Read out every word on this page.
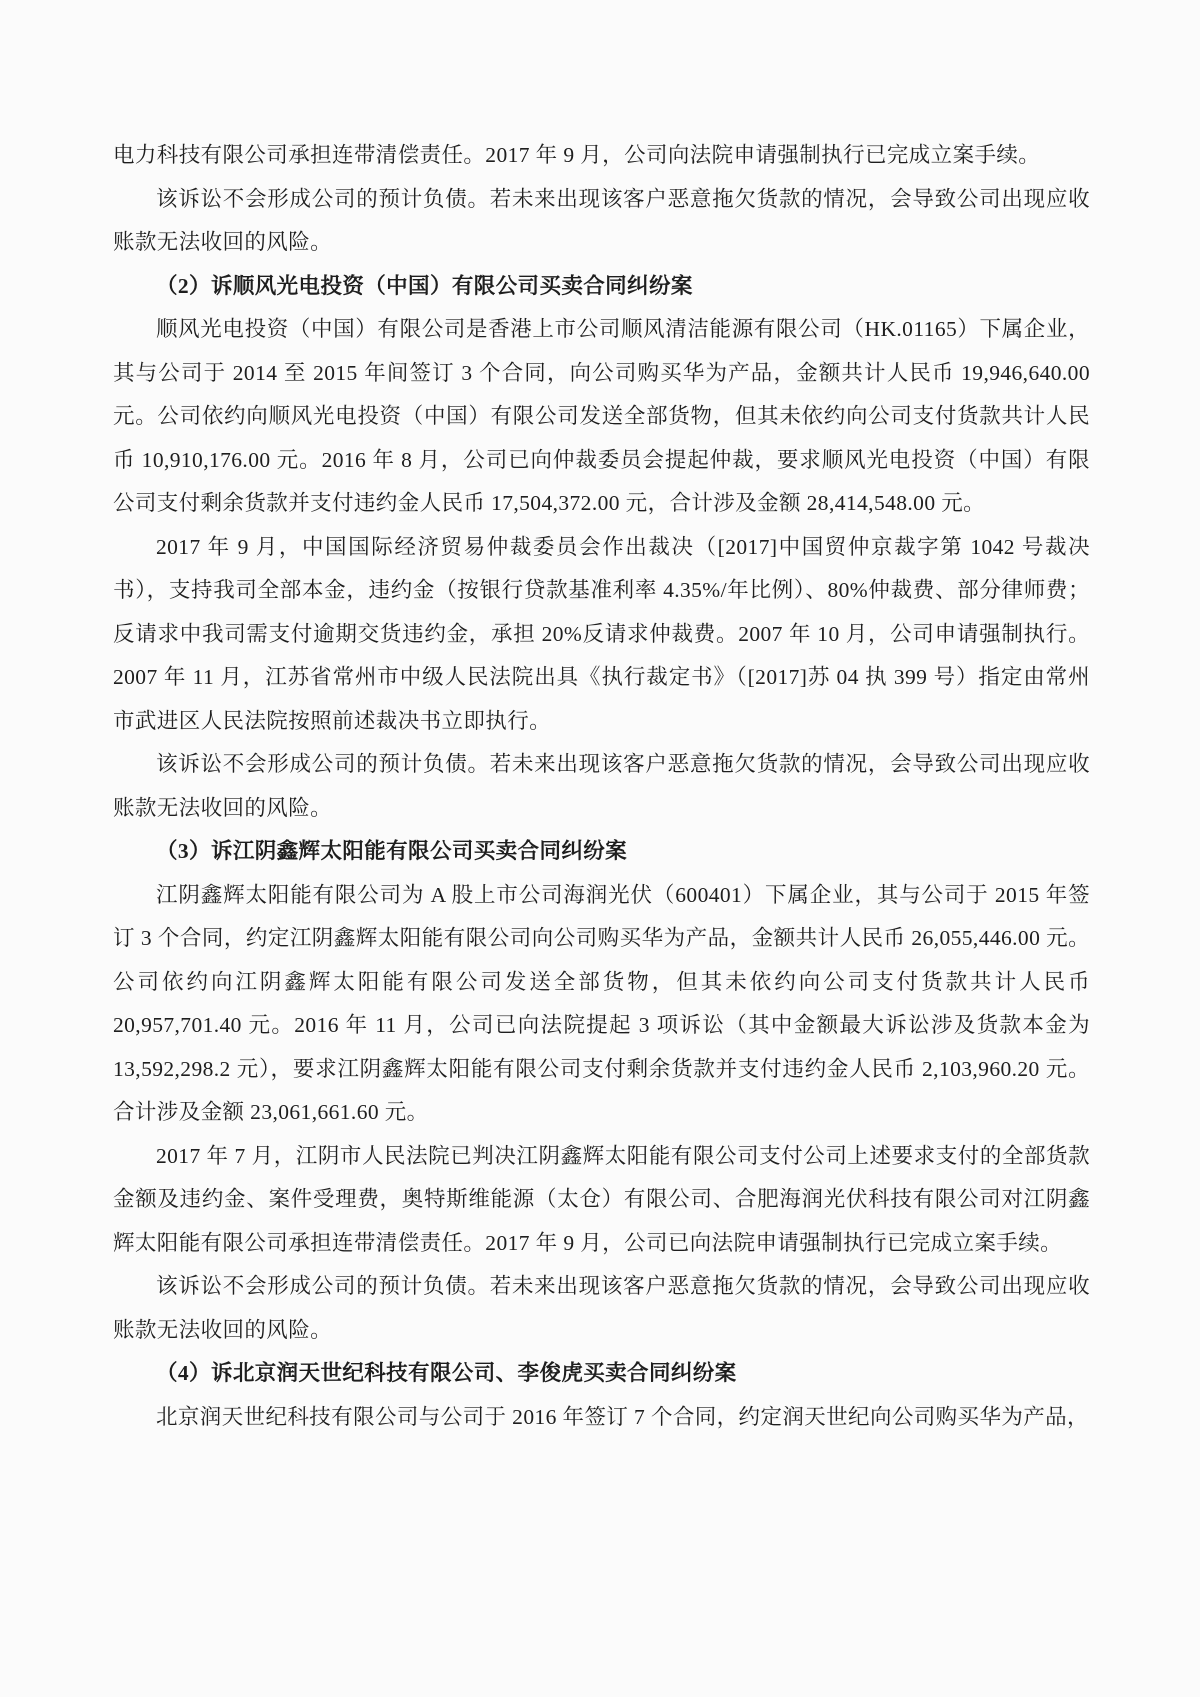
电力科技有限公司承担连带清偿责任。2017 年 9 月，公司向法院申请强制执行已完成立案手续。

该诉讼不会形成公司的预计负债。若未来出现该客户恶意拖欠货款的情况，会导致公司出现应收账款无法收回的风险。

（2）诉顺风光电投资（中国）有限公司买卖合同纠纷案

顺风光电投资（中国）有限公司是香港上市公司顺风清洁能源有限公司（HK.01165）下属企业，其与公司于 2014 至 2015 年间签订 3 个合同，向公司购买华为产品，金额共计人民币 19,946,640.00 元。公司依约向顺风光电投资（中国）有限公司发送全部货物，但其未依约向公司支付货款共计人民币 10,910,176.00 元。2016 年 8 月，公司已向仲裁委员会提起仲裁，要求顺风光电投资（中国）有限公司支付剩余货款并支付违约金人民币 17,504,372.00 元，合计涉及金额 28,414,548.00 元。

2017 年 9 月，中国国际经济贸易仲裁委员会作出裁决（[2017]中国贸仲京裁字第 1042 号裁决书），支持我司全部本金，违约金（按银行贷款基准利率 4.35%/年比例）、80%仲裁费、部分律师费；反请求中我司需支付逾期交货违约金，承担 20%反请求仲裁费。2007 年 10 月，公司申请强制执行。2007 年 11 月，江苏省常州市中级人民法院出具《执行裁定书》（[2017]苏 04 执 399 号）指定由常州市武进区人民法院按照前述裁决书立即执行。

该诉讼不会形成公司的预计负债。若未来出现该客户恶意拖欠货款的情况，会导致公司出现应收账款无法收回的风险。

（3）诉江阴鑫辉太阳能有限公司买卖合同纠纷案

江阴鑫辉太阳能有限公司为 A 股上市公司海润光伏（600401）下属企业，其与公司于 2015 年签订 3 个合同，约定江阴鑫辉太阳能有限公司向公司购买华为产品，金额共计人民币 26,055,446.00 元。公司依约向江阴鑫辉太阳能有限公司发送全部货物，但其未依约向公司支付货款共计人民币 20,957,701.40 元。2016 年 11 月，公司已向法院提起 3 项诉讼（其中金额最大诉讼涉及货款本金为 13,592,298.2 元），要求江阴鑫辉太阳能有限公司支付剩余货款并支付违约金人民币 2,103,960.20 元。合计涉及金额 23,061,661.60 元。

2017 年 7 月，江阴市人民法院已判决江阴鑫辉太阳能有限公司支付公司上述要求支付的全部货款金额及违约金、案件受理费，奥特斯维能源（太仓）有限公司、合肥海润光伏科技有限公司对江阴鑫辉太阳能有限公司承担连带清偿责任。2017 年 9 月，公司已向法院申请强制执行已完成立案手续。

该诉讼不会形成公司的预计负债。若未来出现该客户恶意拖欠货款的情况，会导致公司出现应收账款无法收回的风险。

（4）诉北京润天世纪科技有限公司、李俊虎买卖合同纠纷案

北京润天世纪科技有限公司与公司于 2016 年签订 7 个合同，约定润天世纪向公司购买华为产品，
